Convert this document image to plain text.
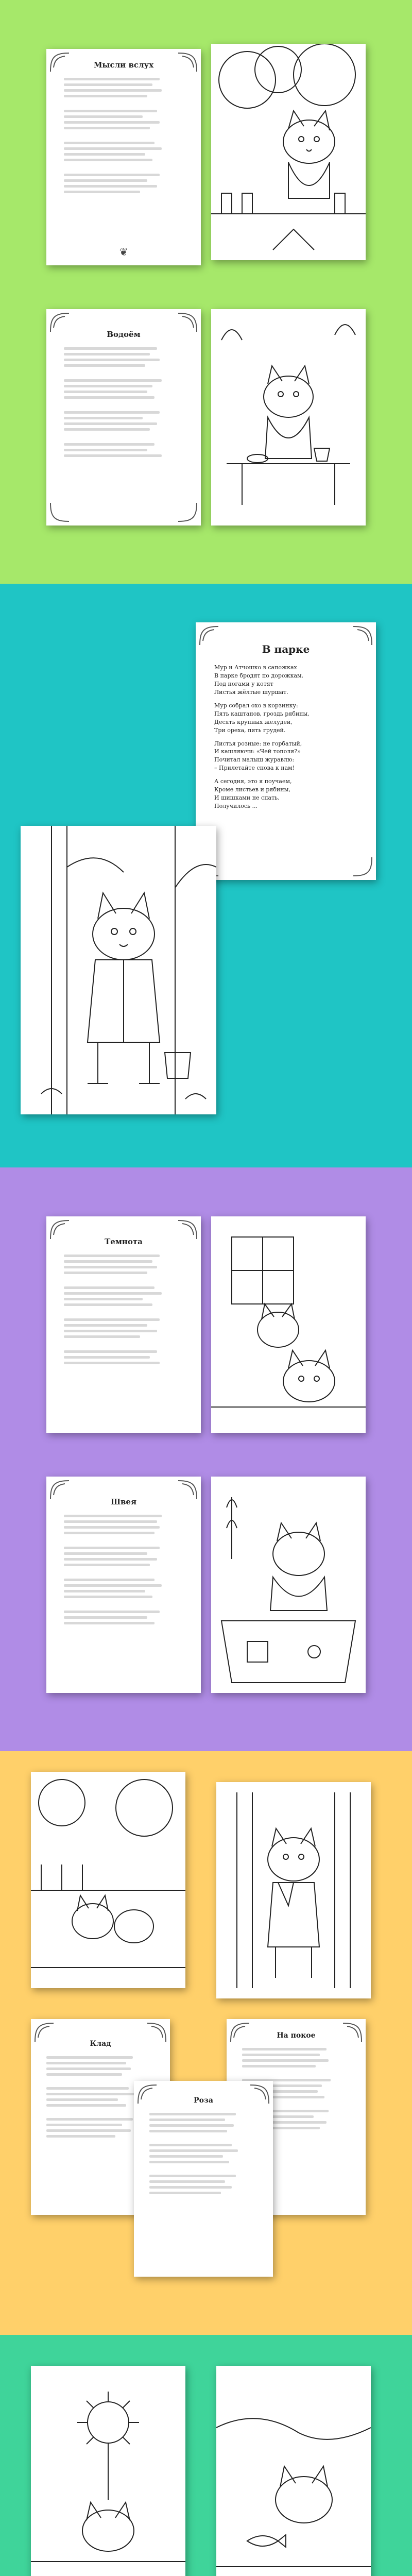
Мысли вслух
❦
Водоём
В парке
Мур и Атчошко в сапожках
В парке бродят по дорожкам.
Под ногами у котят
Листья жёлтые шуршат.
Мур собрал охо в корзинку:
Пять каштанов, гроздь рябины,
Десять крупных желудей,
Три ореха, пять грудей.
Листья розные: не горбатый,
И кашляючи: «Чей тополя?»
Почитал малыш журавлю:
– Прилетайте снова к нам!
А сегодня, это я поучаем,
Кроме листьев и рябины,
И шишками не спать.
Получилось ...
Темнота
Швея
Клад
На покое
Роза
